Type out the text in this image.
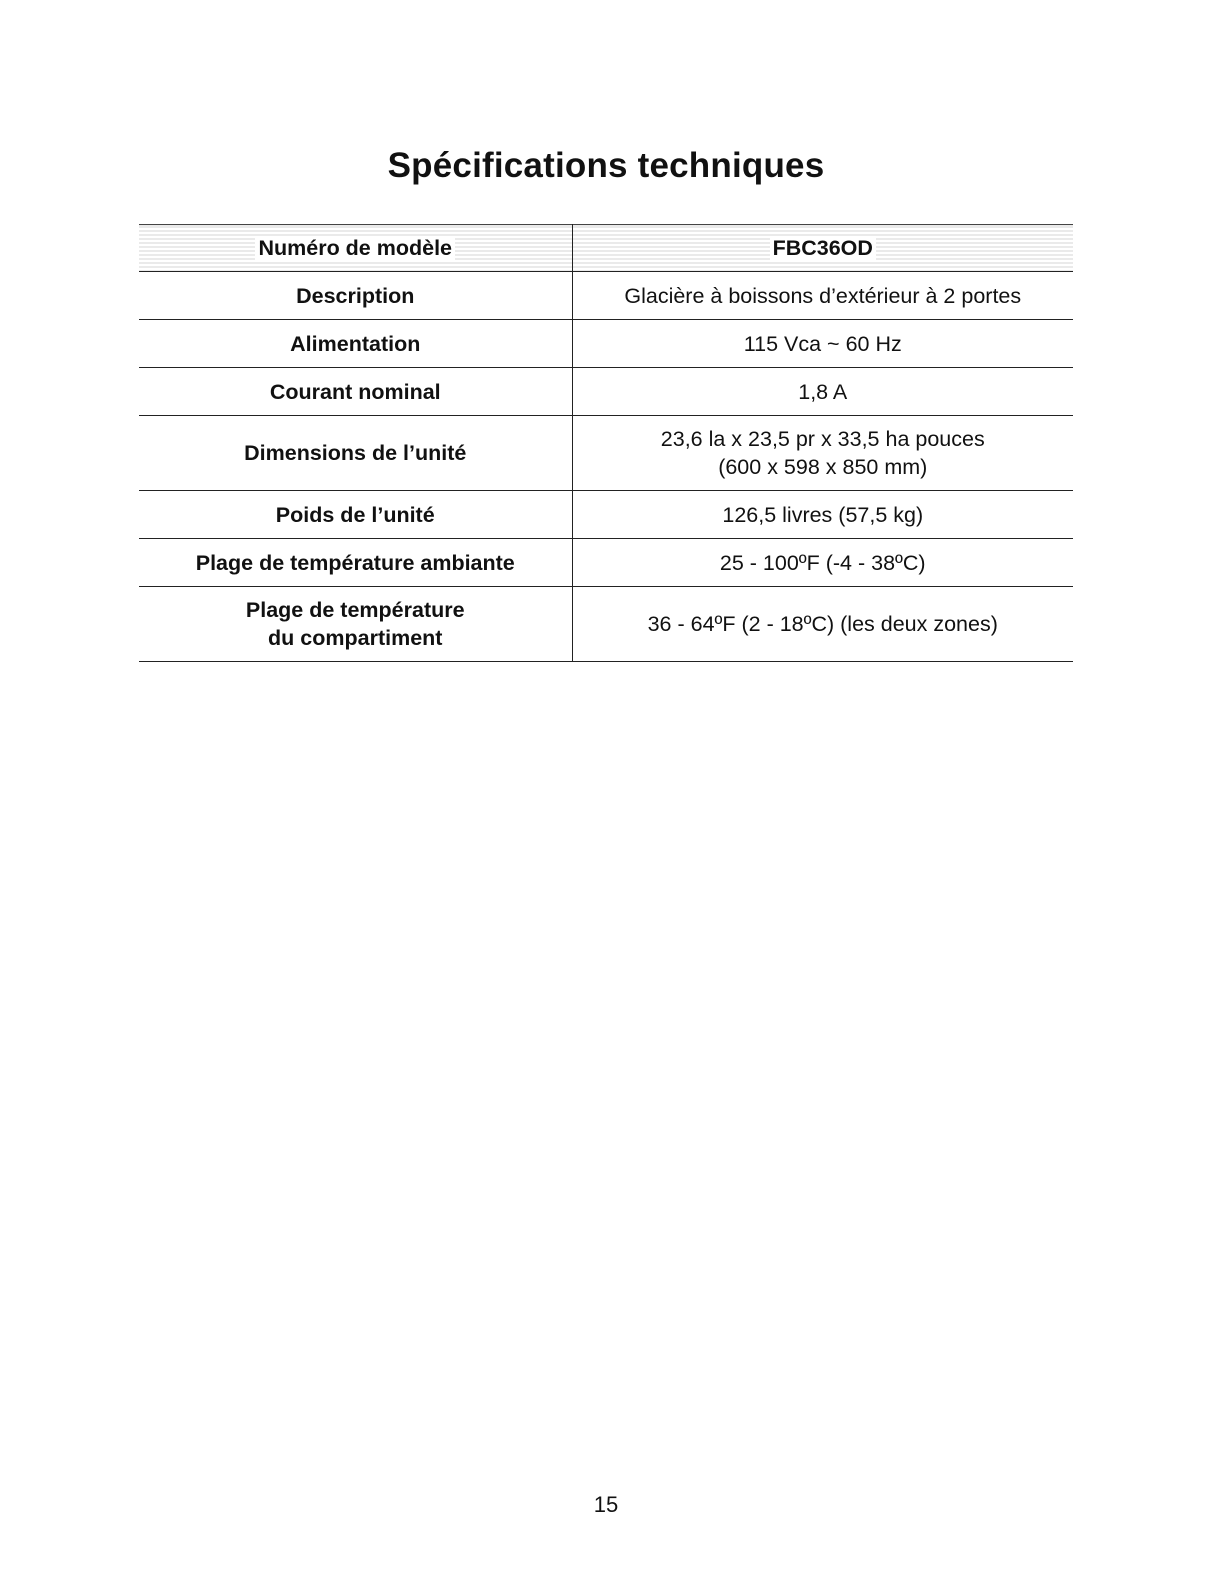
Spécifications techniques
Numéro de modèle	FBC36OD
Description	Glacière à boissons d’extérieur à 2 portes
Alimentation	115 Vca ~ 60 Hz
Courant nominal	1,8 A
Dimensions de l’unité	23,6 la x 23,5 pr x 33,5 ha pouces
(600 x 598 x 850 mm)

Poids de l’unité	126,5 livres (57,5 kg)
Plage de température ambiante	25 - 100ºF (-4 - 38ºC)

Plage de température
du compartiment	36 - 64ºF (2 - 18ºC) (les deux zones)
15
